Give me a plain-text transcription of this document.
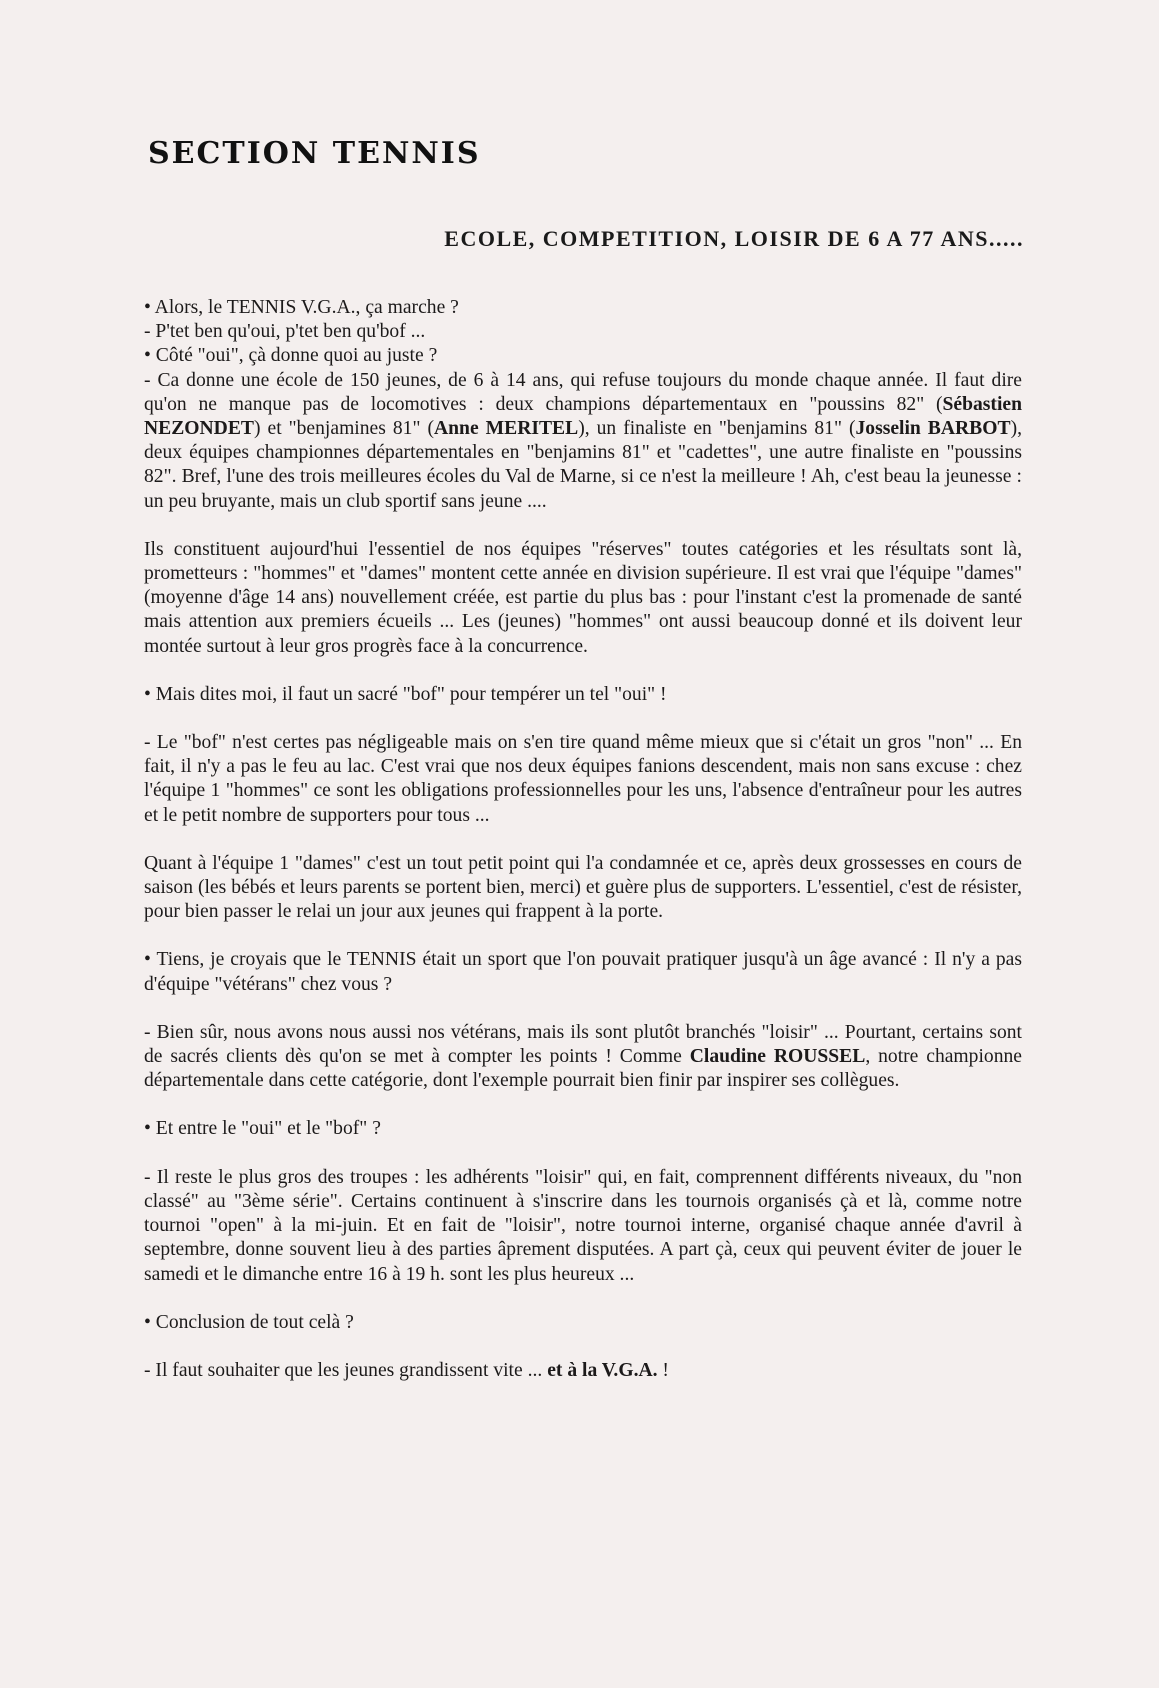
SECTION TENNIS
ECOLE, COMPETITION, LOISIR DE 6 A 77 ANS.....

• Alors, le TENNIS V.G.A., ça marche ?

- P'tet ben qu'oui, p'tet ben qu'bof ...

• Côté "oui", çà donne quoi au juste ?

- Ca donne une école de 150 jeunes, de 6 à 14 ans, qui refuse toujours du monde chaque année. Il faut dire qu'on ne manque pas de locomotives : deux champions départementaux en "poussins 82" (Sébastien NEZONDET) et "benjamines 81" (Anne MERITEL), un finaliste en "benjamins 81" (Josselin BARBOT), deux équipes championnes départementales en "benjamins 81" et "cadettes", une autre finaliste en "poussins 82". Bref, l'une des trois meilleures écoles du Val de Marne, si ce n'est la meilleure ! Ah, c'est beau la jeunesse : un peu bruyante, mais un club sportif sans jeune ....

Ils constituent aujourd'hui l'essentiel de nos équipes "réserves" toutes catégories et les résultats sont là, prometteurs : "hommes" et "dames" montent cette année en division supérieure. Il est vrai que l'équipe "dames" (moyenne d'âge 14 ans) nouvellement créée, est partie du plus bas : pour l'instant c'est la promenade de santé mais attention aux premiers écueils ... Les (jeunes) "hommes" ont aussi beaucoup donné et ils doivent leur montée surtout à leur gros progrès face à la concurrence.

• Mais dites moi, il faut un sacré "bof" pour tempérer un tel "oui" !

- Le "bof" n'est certes pas négligeable mais on s'en tire quand même mieux que si c'était un gros "non" ... En fait, il n'y a pas le feu au lac. C'est vrai que nos deux équipes fanions descendent, mais non sans excuse : chez l'équipe 1 "hommes" ce sont les obligations professionnelles pour les uns, l'absence d'entraîneur pour les autres et le petit nombre de supporters pour tous ...

Quant à l'équipe 1 "dames" c'est un tout petit point qui l'a condamnée et ce, après deux grossesses en cours de saison (les bébés et leurs parents se portent bien, merci) et guère plus de supporters. L'essentiel, c'est de résister, pour bien passer le relai un jour aux jeunes qui frappent à la porte.

• Tiens, je croyais que le TENNIS était un sport que l'on pouvait pratiquer jusqu'à un âge avancé : Il n'y a pas d'équipe "vétérans" chez vous ?

- Bien sûr, nous avons nous aussi nos vétérans, mais ils sont plutôt branchés "loisir" ... Pourtant, certains sont de sacrés clients dès qu'on se met à compter les points ! Comme Claudine ROUSSEL, notre championne départementale dans cette catégorie, dont l'exemple pourrait bien finir par inspirer ses collègues.

• Et entre le "oui" et le "bof" ?

- Il reste le plus gros des troupes : les adhérents "loisir" qui, en fait, comprennent différents niveaux, du "non classé" au "3ème série". Certains continuent à s'inscrire dans les tournois organisés çà et là, comme notre tournoi "open" à la mi-juin. Et en fait de "loisir", notre tournoi interne, organisé chaque année d'avril à septembre, donne souvent lieu à des parties âprement disputées. A part çà, ceux qui peuvent éviter de jouer le samedi et le dimanche entre 16 à 19 h. sont les plus heureux ...

• Conclusion de tout celà ?

- Il faut souhaiter que les jeunes grandissent vite ... et à la V.G.A. !
